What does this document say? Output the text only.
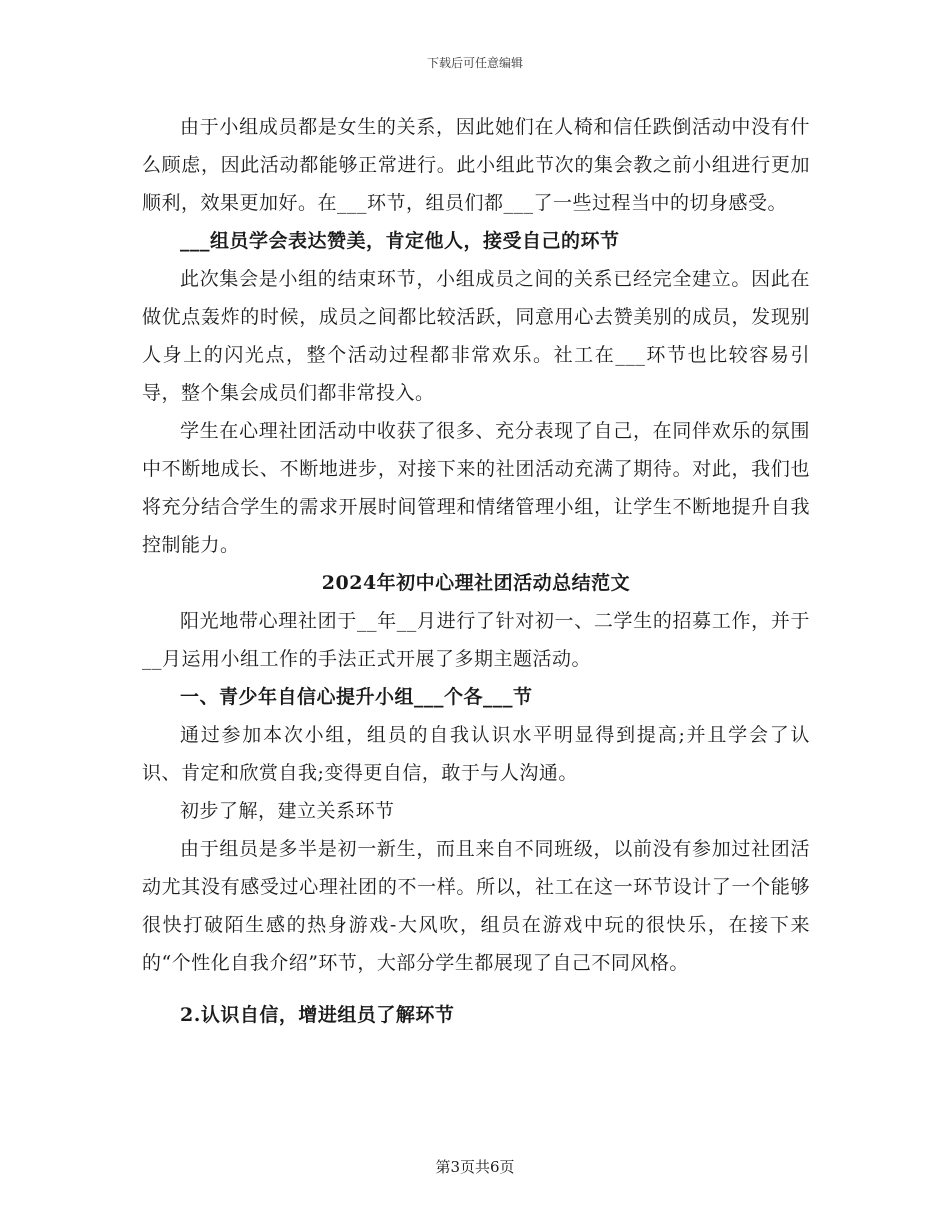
下载后可任意编辑

由于小组成员都是女生的关系，因此她们在人椅和信任跌倒活动中没有什么顾虑，因此活动都能够正常进行。此小组此节次的集会教之前小组进行更加顺利，效果更加好。在___环节，组员们都___了一些过程当中的切身感受。

___组员学会表达赞美，肯定他人，接受自己的环节

此次集会是小组的结束环节，小组成员之间的关系已经完全建立。因此在做优点轰炸的时候，成员之间都比较活跃，同意用心去赞美别的成员，发现别人身上的闪光点，整个活动过程都非常欢乐。社工在___环节也比较容易引导，整个集会成员们都非常投入。

学生在心理社团活动中收获了很多、充分表现了自己，在同伴欢乐的氛围中不断地成长、不断地进步，对接下来的社团活动充满了期待。对此，我们也将充分结合学生的需求开展时间管理和情绪管理小组，让学生不断地提升自我控制能力。

2024年初中心理社团活动总结范文

阳光地带心理社团于__年__月进行了针对初一、二学生的招募工作，并于__月运用小组工作的手法正式开展了多期主题活动。

一、青少年自信心提升小组___个各___节

通过参加本次小组，组员的自我认识水平明显得到提高;并且学会了认识、肯定和欣赏自我;变得更自信，敢于与人沟通。

初步了解，建立关系环节

由于组员是多半是初一新生，而且来自不同班级，以前没有参加过社团活动尤其没有感受过心理社团的不一样。所以，社工在这一环节设计了一个能够很快打破陌生感的热身游戏-大风吹，组员在游戏中玩的很快乐，在接下来的“个性化自我介绍”环节，大部分学生都展现了自己不同风格。

2.认识自信，增进组员了解环节

第3页共6页
